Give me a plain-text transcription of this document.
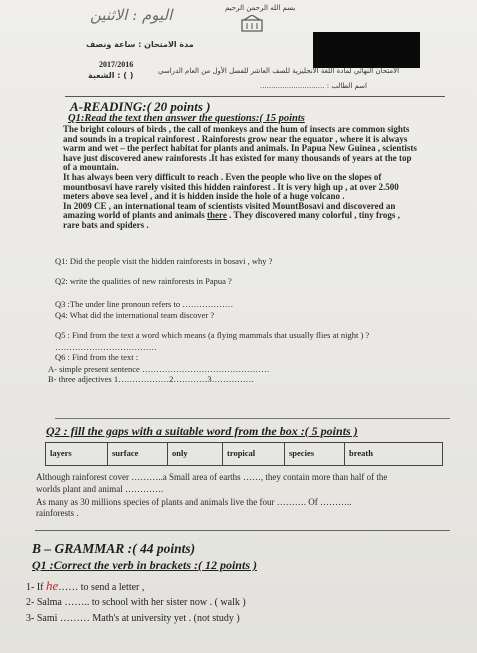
بسم الله الرحمن الرحيم
اليوم : الاثنين
مدة الامتحان : ساعة ونصف
2017/2016
( ) : الشعبة	الامتحان النهائي لمادة اللغة الانجليزية للصف العاشر للفصل الأول من العام الدراسي
اسم الطالب : .............................
A-READING:( 20 points )
Q1:Read the text then answer the questions:( 15 points
The bright colours of birds , the call of monkeys and the hum of insects are common sights
and sounds in a tropical rainforest . Rainforests grow near the equator , where it is always
warm and wet – the perfect habitat for plants and animals. In Papua New Guinea , scientists
have just discovered anew rainforests .It has existed for many thousands of years at the top
of a mountain.
It has always been very difficult to reach . Even the people who live on the slopes of
mountbosavi have rarely visited this hidden rainforest . It is very high up , at over 2.500
meters above sea level , and it is hidden inside the hole of a huge volcano .
In 2009 CE , an international team of scientists visited MountBosavi and discovered an
amazing world of plants and animals there . They discovered many colorful , tiny frogs ,
rare bats and spiders .
Q1: Did the people visit the hidden rainforests in bosavi , why ?
Q2: write the qualities of new rainforests in Papua ?
Q3 :The under line pronoun refers to ………………
Q4: What did the international team discover ?
Q5 : Find from the text a word which means (a flying mammals that usually flies at night ) ?
………………………………
Q6 : Find from the text :
A- simple present sentence ………………………………………
B- three adjectives 1………………2…………3……………
Q2 : fill the gaps with a suitable word from the box :( 5 points )
layers	surface	only	tropical	species	breath
Although rainforest cover ………..a Small area of earths ……, they contain more than half of the
worlds plant and animal ………….
As many as 30 millions species of plants and animals live the four ………. Of ………..
rainforests .
B – GRAMMAR :( 44 points)
Q1 :Correct the verb in brackets :( 12 points )
1- If he…… to send a letter ,
2- Salma …….. to school with her sister now . ( walk )
3- Sami ……… Math's at university yet . (not study )
